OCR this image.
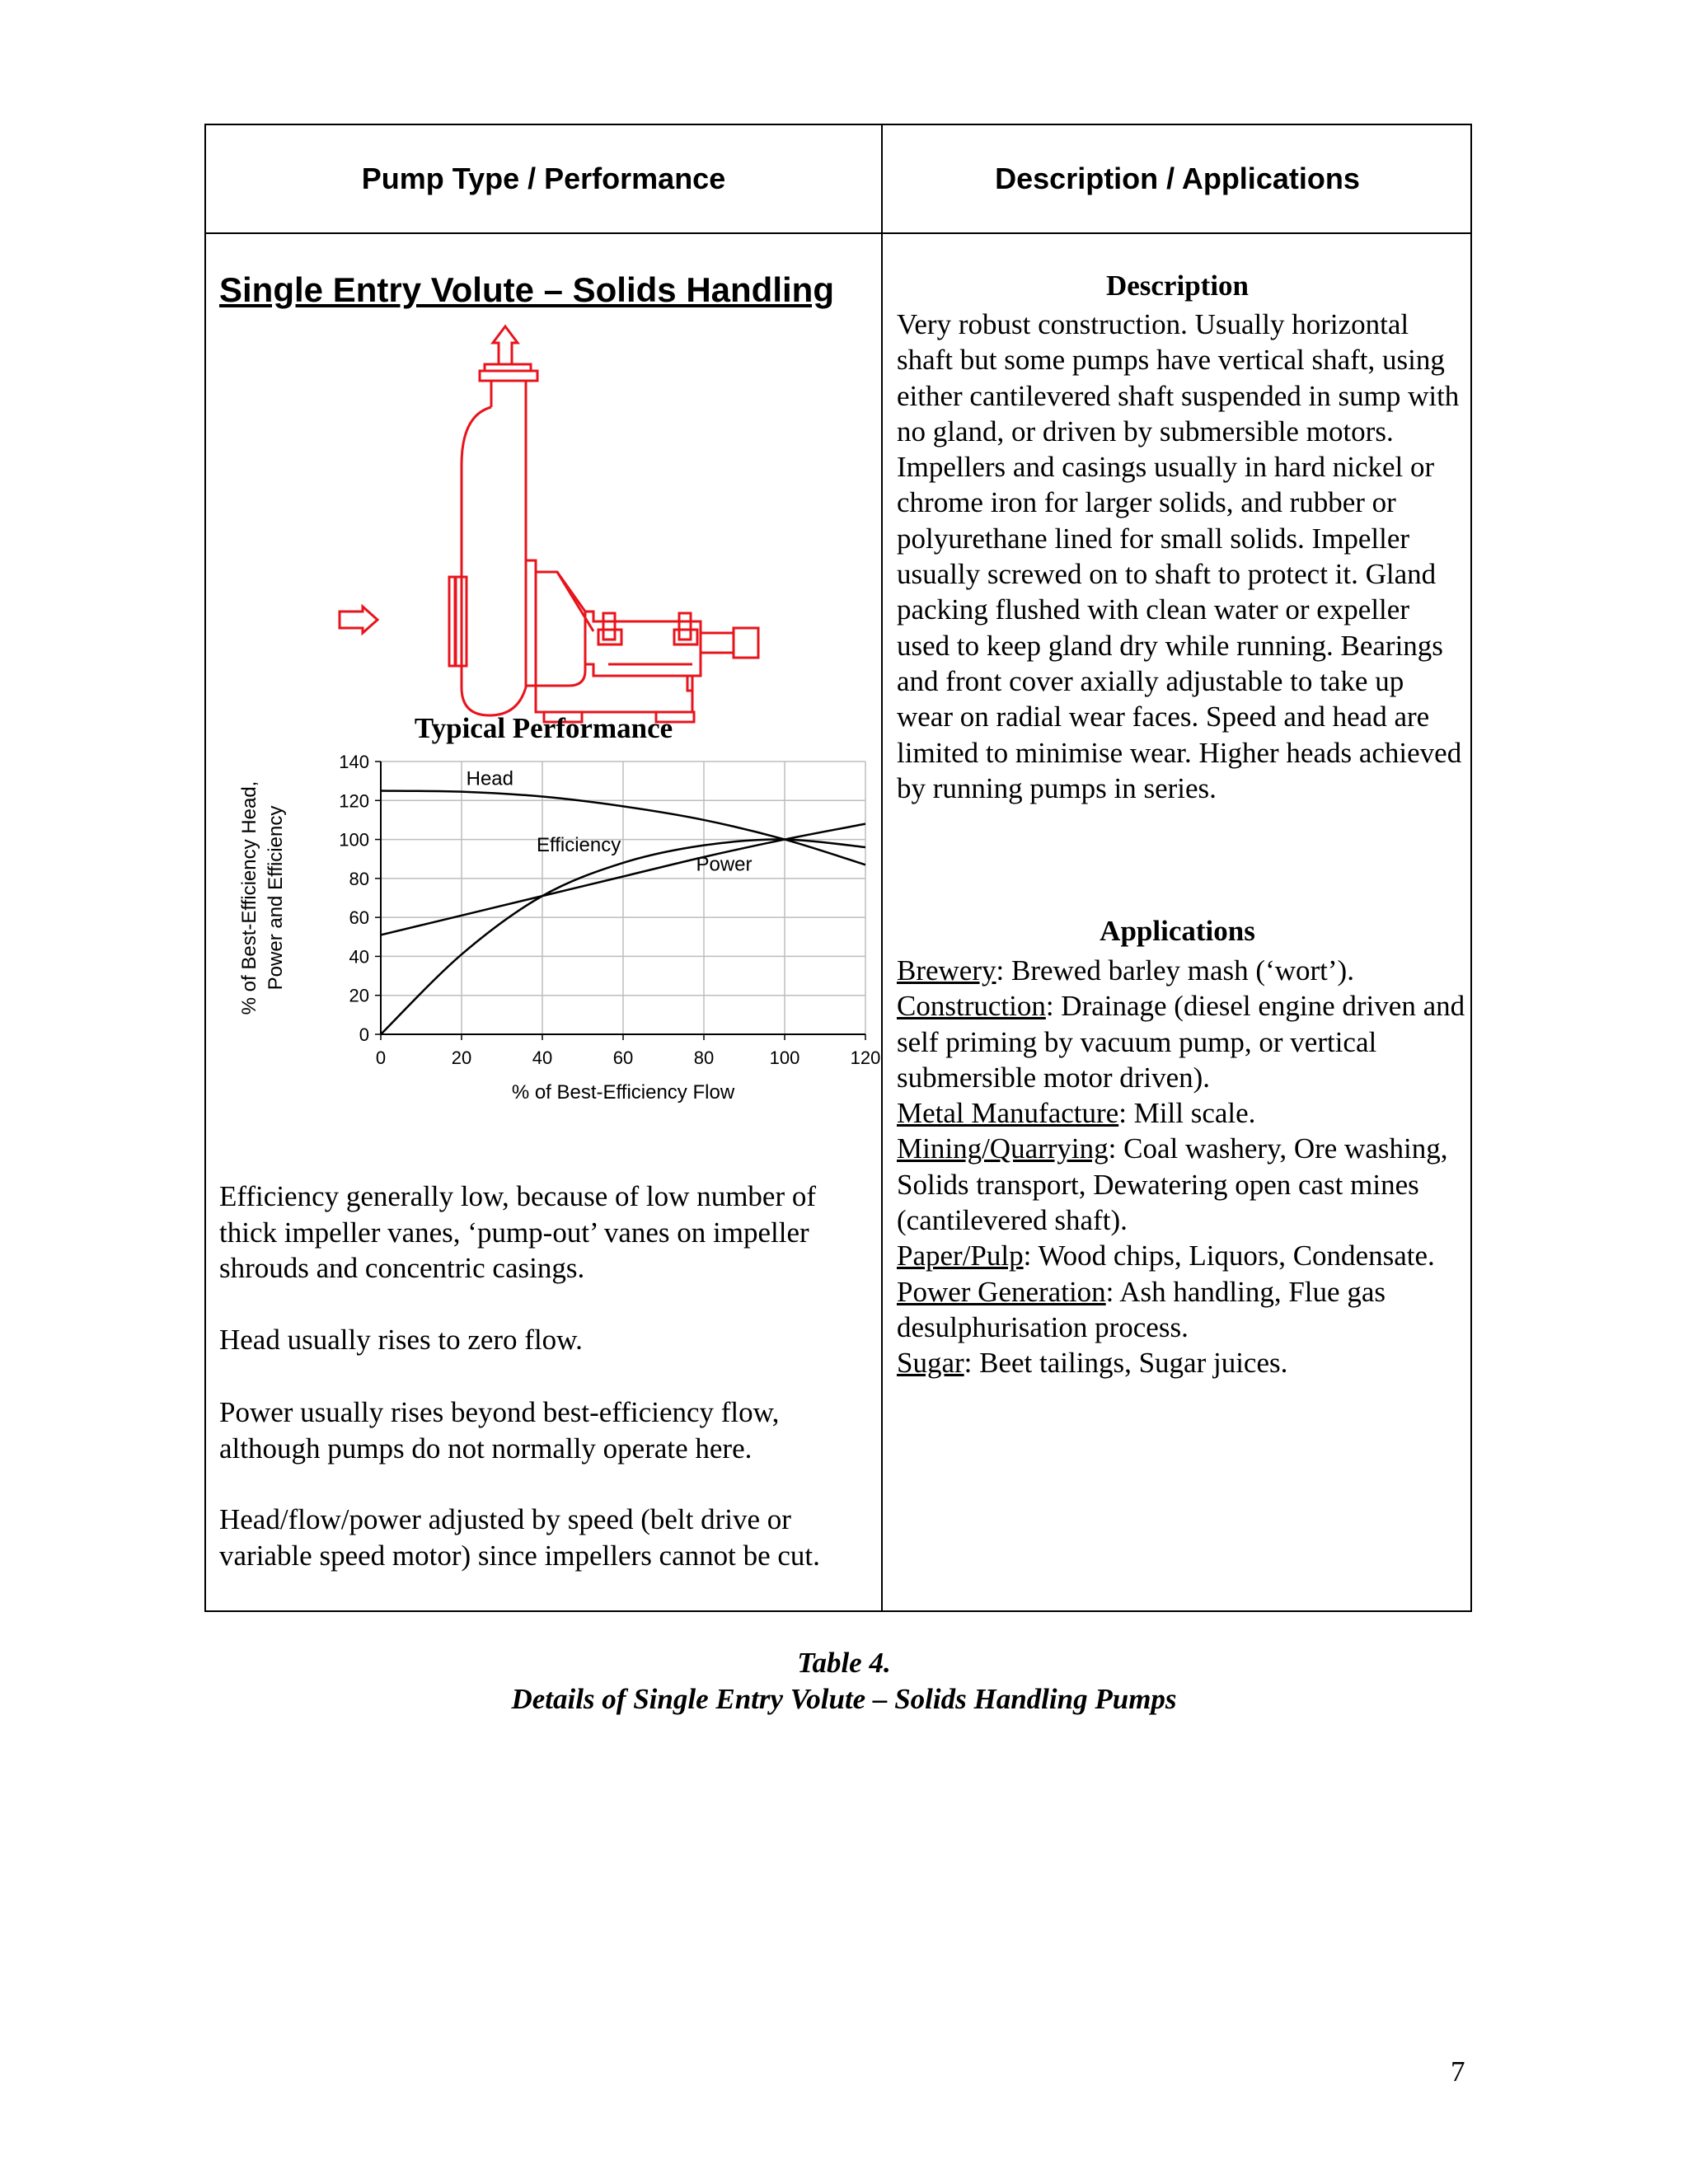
Pump Type / Performance	Description / Applications
Single Entry Volute – Solids Handling
Typical Performance
0	20	40	60	80	100	120
0
20
40
60
80
100
120
140
% of Best-Efficiency Flow
% of Best-Efficiency Head, Power and Efficiency
Head
Efficiency
Power
Efficiency generally low, because of low number of thick impeller vanes, ‘pump-out’ vanes on impeller shrouds and concentric casings.
Head usually rises to zero flow.
Power usually rises beyond best-efficiency flow, although pumps do not normally operate here.
Head/flow/power adjusted by speed (belt drive or variable speed motor) since impellers cannot be cut.
Description
Very robust construction. Usually horizontal shaft but some pumps have vertical shaft, using either cantilevered shaft suspended in sump with no gland, or driven by submersible motors. Impellers and casings usually in hard nickel or chrome iron for larger solids, and rubber or polyurethane lined for small solids. Impeller usually screwed on to shaft to protect it. Gland packing flushed with clean water or expeller used to keep gland dry while running. Bearings and front cover axially adjustable to take up wear on radial wear faces. Speed and head are limited to minimise wear. Higher heads achieved by running pumps in series.
Applications
Brewery: Brewed barley mash (‘wort’).
Construction: Drainage (diesel engine driven and self priming by vacuum pump, or vertical submersible motor driven).
Metal Manufacture: Mill scale.
Mining/Quarrying: Coal washery, Ore washing, Solids transport, Dewatering open cast mines (cantilevered shaft).
Paper/Pulp: Wood chips, Liquors, Condensate.
Power Generation: Ash handling, Flue gas desulphurisation process.
Sugar: Beet tailings, Sugar juices.
Table 4.
Details of Single Entry Volute – Solids Handling Pumps
7
